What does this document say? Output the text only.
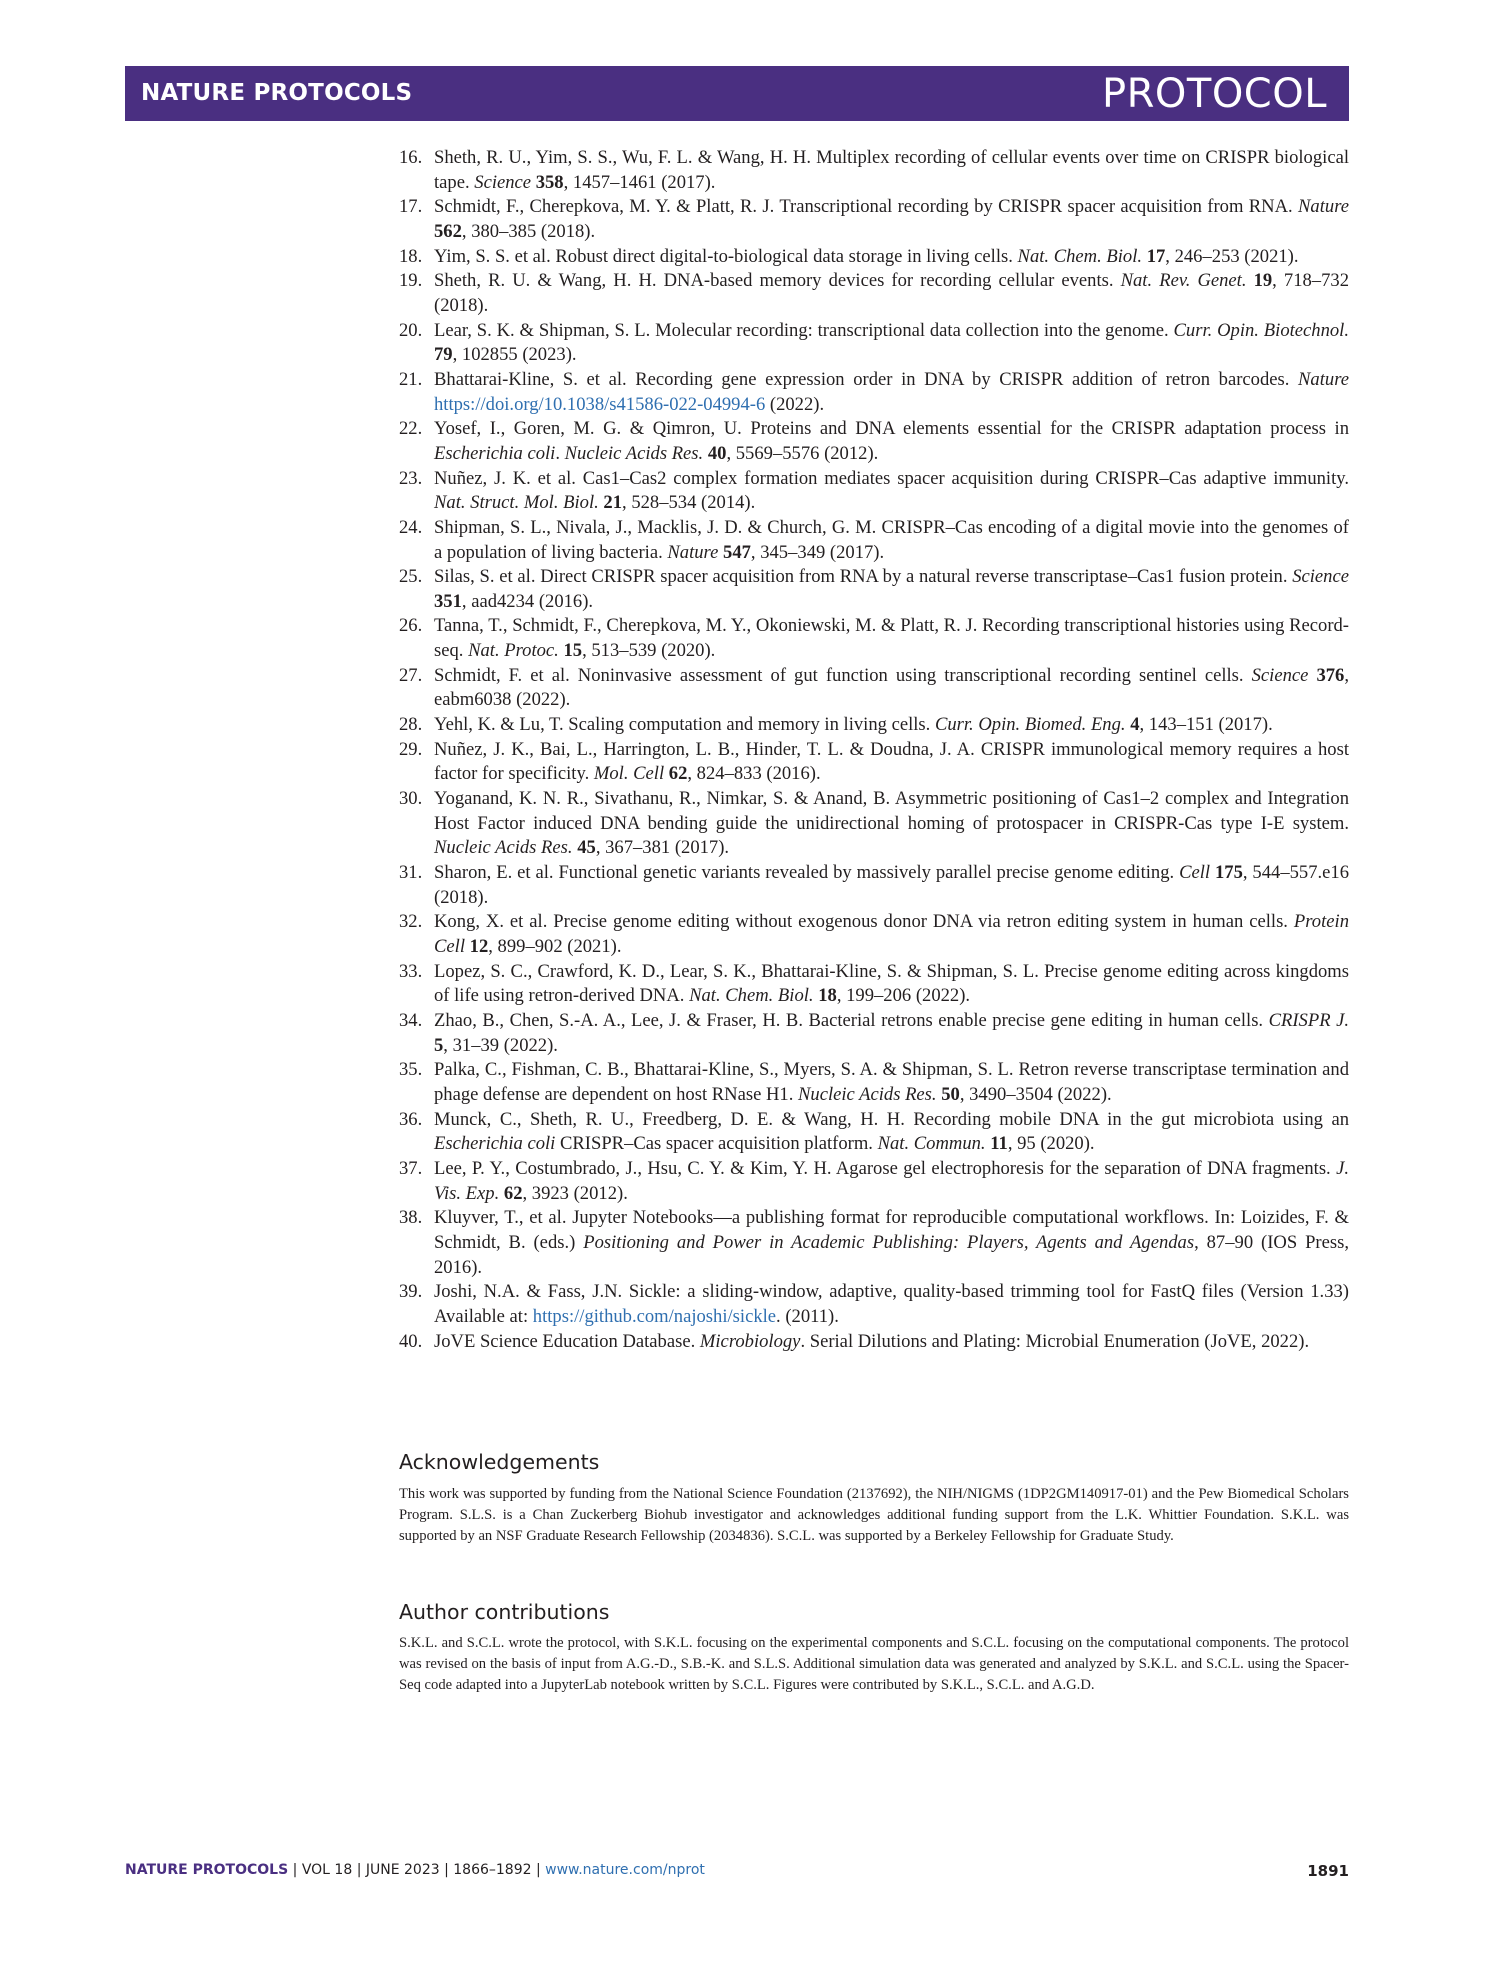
NATURE PROTOCOLS	PROTOCOL
16. Sheth, R. U., Yim, S. S., Wu, F. L. & Wang, H. H. Multiplex recording of cellular events over time on CRISPR biological tape. Science 358, 1457–1461 (2017).
17. Schmidt, F., Cherepkova, M. Y. & Platt, R. J. Transcriptional recording by CRISPR spacer acquisition from RNA. Nature 562, 380–385 (2018).
18. Yim, S. S. et al. Robust direct digital-to-biological data storage in living cells. Nat. Chem. Biol. 17, 246–253 (2021).
19. Sheth, R. U. & Wang, H. H. DNA-based memory devices for recording cellular events. Nat. Rev. Genet. 19, 718–732 (2018).
20. Lear, S. K. & Shipman, S. L. Molecular recording: transcriptional data collection into the genome. Curr. Opin. Biotechnol. 79, 102855 (2023).
21. Bhattarai-Kline, S. et al. Recording gene expression order in DNA by CRISPR addition of retron barcodes. Nature https://doi.org/10.1038/s41586-022-04994-6 (2022).
22. Yosef, I., Goren, M. G. & Qimron, U. Proteins and DNA elements essential for the CRISPR adaptation process in Escherichia coli. Nucleic Acids Res. 40, 5569–5576 (2012).
23. Nuñez, J. K. et al. Cas1–Cas2 complex formation mediates spacer acquisition during CRISPR–Cas adaptive immunity. Nat. Struct. Mol. Biol. 21, 528–534 (2014).
24. Shipman, S. L., Nivala, J., Macklis, J. D. & Church, G. M. CRISPR–Cas encoding of a digital movie into the genomes of a population of living bacteria. Nature 547, 345–349 (2017).
25. Silas, S. et al. Direct CRISPR spacer acquisition from RNA by a natural reverse transcriptase–Cas1 fusion protein. Science 351, aad4234 (2016).
26. Tanna, T., Schmidt, F., Cherepkova, M. Y., Okoniewski, M. & Platt, R. J. Recording transcriptional histories using Record-seq. Nat. Protoc. 15, 513–539 (2020).
27. Schmidt, F. et al. Noninvasive assessment of gut function using transcriptional recording sentinel cells. Science 376, eabm6038 (2022).
28. Yehl, K. & Lu, T. Scaling computation and memory in living cells. Curr. Opin. Biomed. Eng. 4, 143–151 (2017).
29. Nuñez, J. K., Bai, L., Harrington, L. B., Hinder, T. L. & Doudna, J. A. CRISPR immunological memory requires a host factor for specificity. Mol. Cell 62, 824–833 (2016).
30. Yoganand, K. N. R., Sivathanu, R., Nimkar, S. & Anand, B. Asymmetric positioning of Cas1–2 complex and Integration Host Factor induced DNA bending guide the unidirectional homing of protospacer in CRISPR-Cas type I-E system. Nucleic Acids Res. 45, 367–381 (2017).
31. Sharon, E. et al. Functional genetic variants revealed by massively parallel precise genome editing. Cell 175, 544–557.e16 (2018).
32. Kong, X. et al. Precise genome editing without exogenous donor DNA via retron editing system in human cells. Protein Cell 12, 899–902 (2021).
33. Lopez, S. C., Crawford, K. D., Lear, S. K., Bhattarai-Kline, S. & Shipman, S. L. Precise genome editing across kingdoms of life using retron-derived DNA. Nat. Chem. Biol. 18, 199–206 (2022).
34. Zhao, B., Chen, S.-A. A., Lee, J. & Fraser, H. B. Bacterial retrons enable precise gene editing in human cells. CRISPR J. 5, 31–39 (2022).
35. Palka, C., Fishman, C. B., Bhattarai-Kline, S., Myers, S. A. & Shipman, S. L. Retron reverse transcriptase termination and phage defense are dependent on host RNase H1. Nucleic Acids Res. 50, 3490–3504 (2022).
36. Munck, C., Sheth, R. U., Freedberg, D. E. & Wang, H. H. Recording mobile DNA in the gut microbiota using an Escherichia coli CRISPR–Cas spacer acquisition platform. Nat. Commun. 11, 95 (2020).
37. Lee, P. Y., Costumbrado, J., Hsu, C. Y. & Kim, Y. H. Agarose gel electrophoresis for the separation of DNA fragments. J. Vis. Exp. 62, 3923 (2012).
38. Kluyver, T., et al. Jupyter Notebooks—a publishing format for reproducible computational workflows. In: Loizides, F. & Schmidt, B. (eds.) Positioning and Power in Academic Publishing: Players, Agents and Agendas, 87–90 (IOS Press, 2016).
39. Joshi, N.A. & Fass, J.N. Sickle: a sliding-window, adaptive, quality-based trimming tool for FastQ files (Version 1.33) Available at: https://github.com/najoshi/sickle. (2011).
40. JoVE Science Education Database. Microbiology. Serial Dilutions and Plating: Microbial Enumeration (JoVE, 2022).
Acknowledgements

This work was supported by funding from the National Science Foundation (2137692), the NIH/NIGMS (1DP2GM140917-01) and the Pew Biomedical Scholars Program. S.L.S. is a Chan Zuckerberg Biohub investigator and acknowledges additional funding support from the L.K. Whittier Foundation. S.K.L. was supported by an NSF Graduate Research Fellowship (2034836). S.C.L. was supported by a Berkeley Fellowship for Graduate Study.

Author contributions

S.K.L. and S.C.L. wrote the protocol, with S.K.L. focusing on the experimental components and S.C.L. focusing on the computational components. The protocol was revised on the basis of input from A.G.-D., S.B.-K. and S.L.S. Additional simulation data was generated and analyzed by S.K.L. and S.C.L. using the Spacer-Seq code adapted into a JupyterLab notebook written by S.C.L. Figures were contributed by S.K.L., S.C.L. and A.G.D.

NATURE PROTOCOLS | VOL 18 | JUNE 2023 | 1866–1892 | www.nature.com/nprot	1891
